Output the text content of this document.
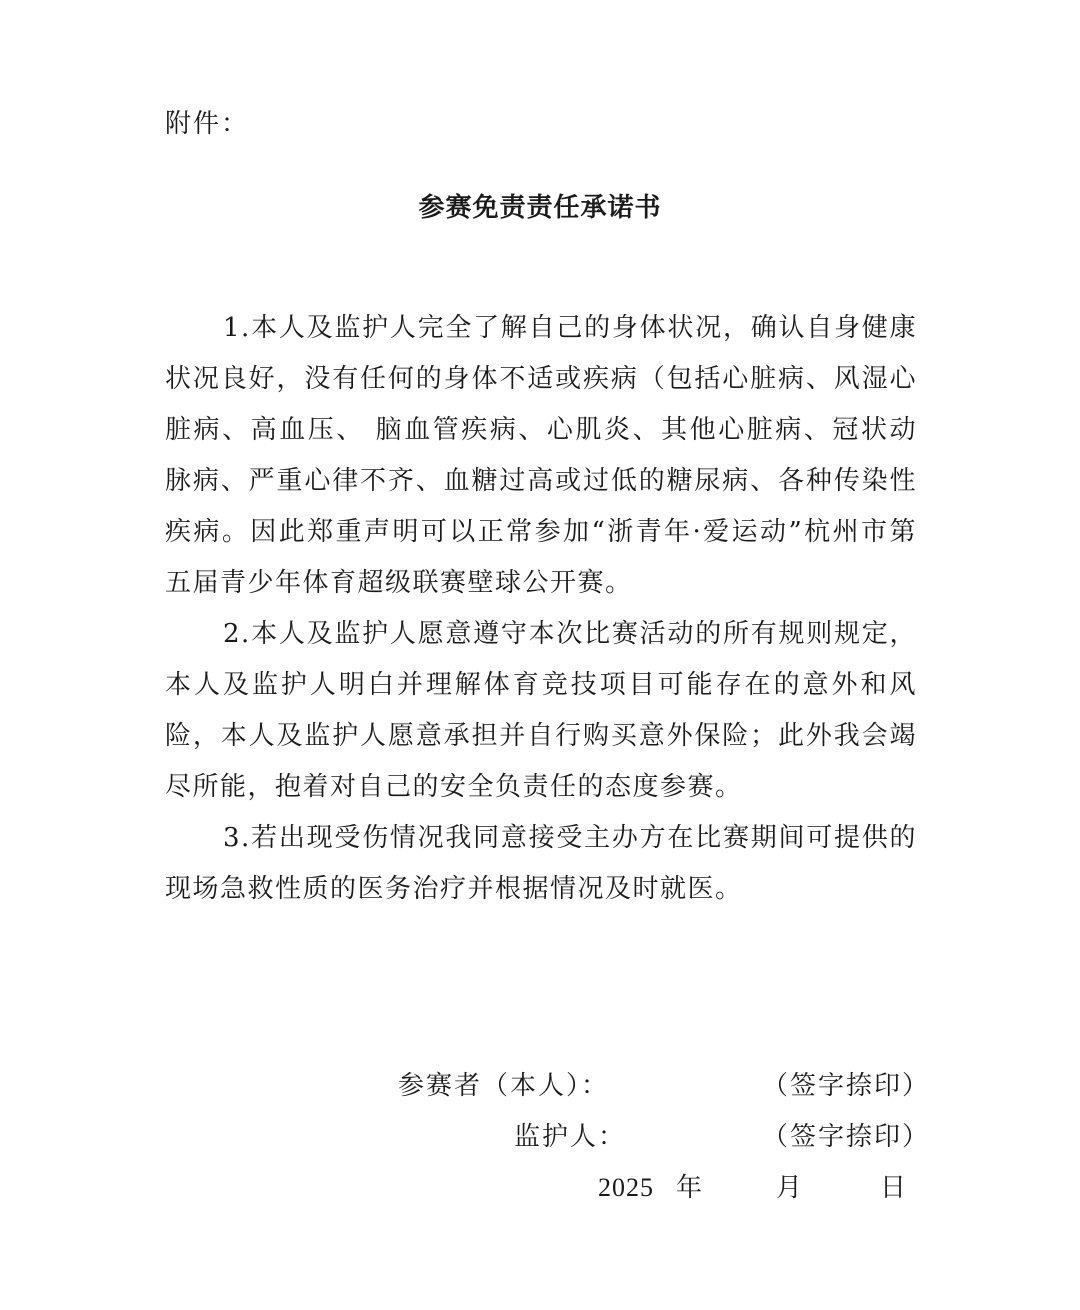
附件：
参赛免责责任承诺书

1.本人及监护人完全了解自己的身体状况，确认自身健康状况良好，没有任何的身体不适或疾病（包括心脏病、风湿心脏病、高血压、 脑血管疾病、心肌炎、其他心脏病、冠状动脉病、严重心律不齐、血糖过高或过低的糖尿病、各种传染性疾病。因此郑重声明可以正常参加“浙青年·爱运动”杭州市第五届青少年体育超级联赛壁球公开赛。

2.本人及监护人愿意遵守本次比赛活动的所有规则规定，本人及监护人明白并理解体育竞技项目可能存在的意外和风险，本人及监护人愿意承担并自行购买意外保险；此外我会竭尽所能，抱着对自己的安全负责任的态度参赛。

3.若出现受伤情况我同意接受主办方在比赛期间可提供的现场急救性质的医务治疗并根据情况及时就医。

参赛者（本人）：	（签字捺印）
监护人：	（签字捺印）
2025 年	月	日
